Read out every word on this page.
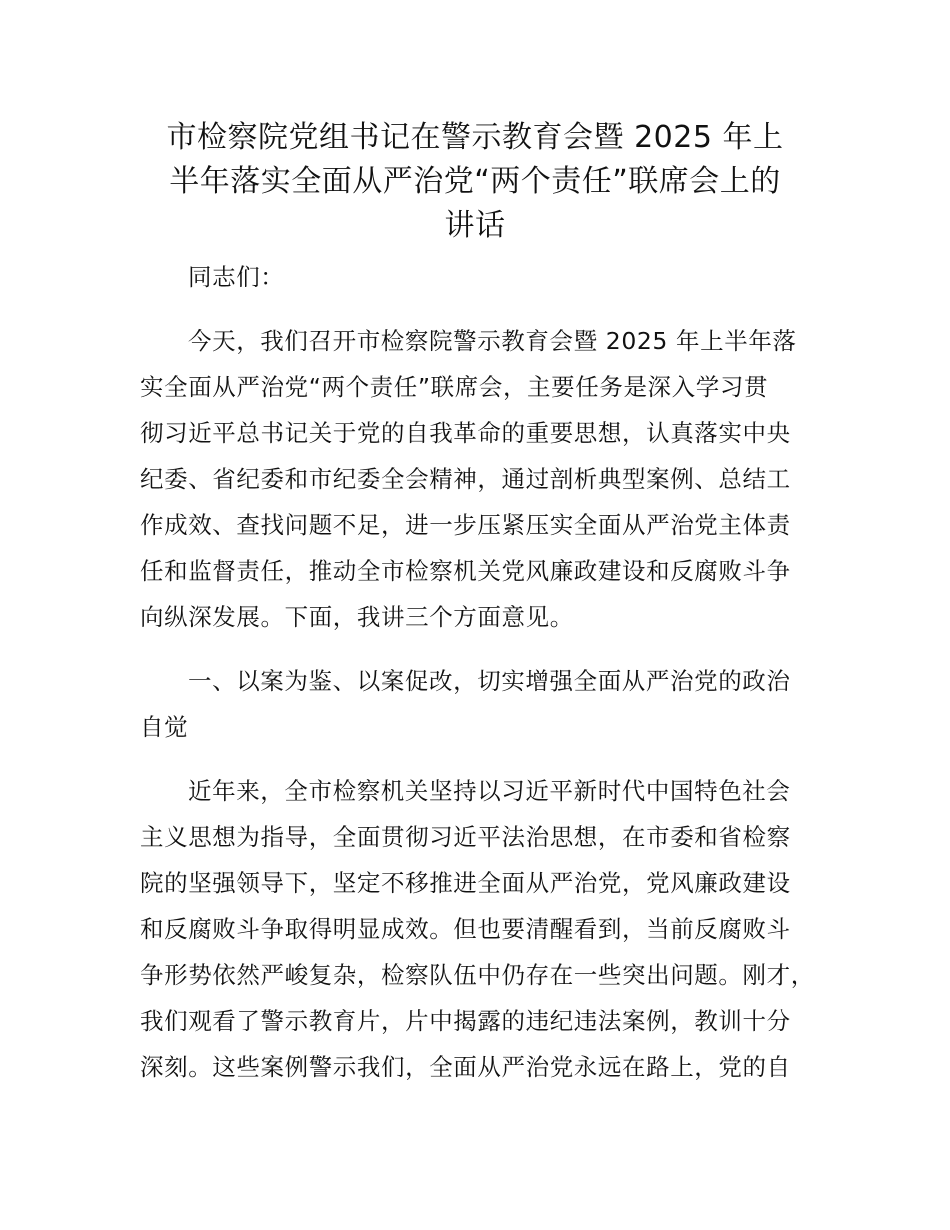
市检察院党组书记在警示教育会暨 2025 年上
半年落实全面从严治党“两个责任”联席会上的
讲话
同志们：
今天，我们召开市检察院警示教育会暨 2025 年上半年落
实全面从严治党“两个责任”联席会，主要任务是深入学习贯
彻习近平总书记关于党的自我革命的重要思想，认真落实中央
纪委、省纪委和市纪委全会精神，通过剖析典型案例、总结工
作成效、查找问题不足，进一步压紧压实全面从严治党主体责
任和监督责任，推动全市检察机关党风廉政建设和反腐败斗争
向纵深发展。下面，我讲三个方面意见。
一、以案为鉴、以案促改，切实增强全面从严治党的政治
自觉
近年来，全市检察机关坚持以习近平新时代中国特色社会
主义思想为指导，全面贯彻习近平法治思想，在市委和省检察
院的坚强领导下，坚定不移推进全面从严治党，党风廉政建设
和反腐败斗争取得明显成效。但也要清醒看到，当前反腐败斗
争形势依然严峻复杂，检察队伍中仍存在一些突出问题。刚才，
我们观看了警示教育片，片中揭露的违纪违法案例，教训十分
深刻。这些案例警示我们，全面从严治党永远在路上，党的自
